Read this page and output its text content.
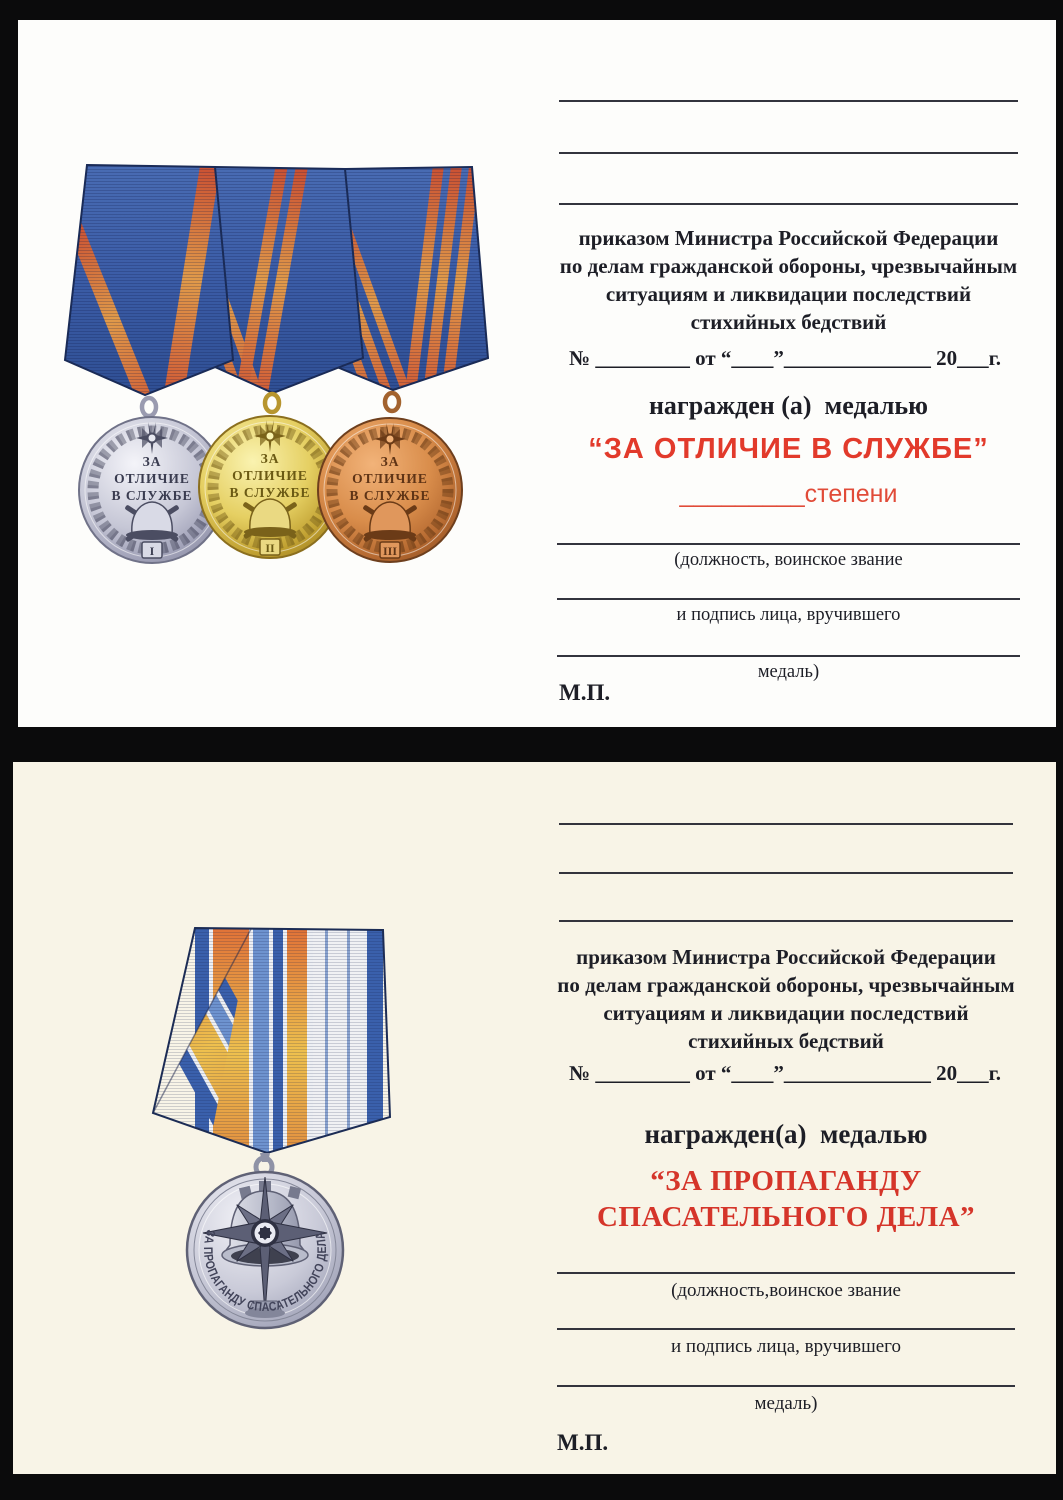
I
ЗА
ОТЛИЧИЕ
В СЛУЖБЕ
II
ЗА
ОТЛИЧИЕ
В СЛУЖБЕ
III
ЗА
ОТЛИЧИЕ
В СЛУЖБЕ
приказом Министра Российской Федерации
по делам гражданской обороны, чрезвычайным
ситуациям и ликвидации последствий
стихийных бедствий
№ _________ от “____”______________ 20___г.
награжден (а)  медалью
“ЗА ОТЛИЧИЕ В СЛУЖБЕ”
_________степени
(должность, воинское звание
и подпись лица, вручившего
медаль)
М.П.
ЗА ПРОПАГАНДУ СПАСАТЕЛЬНОГО ДЕЛА
приказом Министра Российской Федерации
по делам гражданской обороны, чрезвычайным
ситуациям и ликвидации последствий
стихийных бедствий
№ _________ от “____”______________ 20___г.
награжден(а)  медалью
“ЗА ПРОПАГАНДУ
СПАСАТЕЛЬНОГО ДЕЛА”
(должность,воинское звание
и подпись лица, вручившего
медаль)
М.П.
